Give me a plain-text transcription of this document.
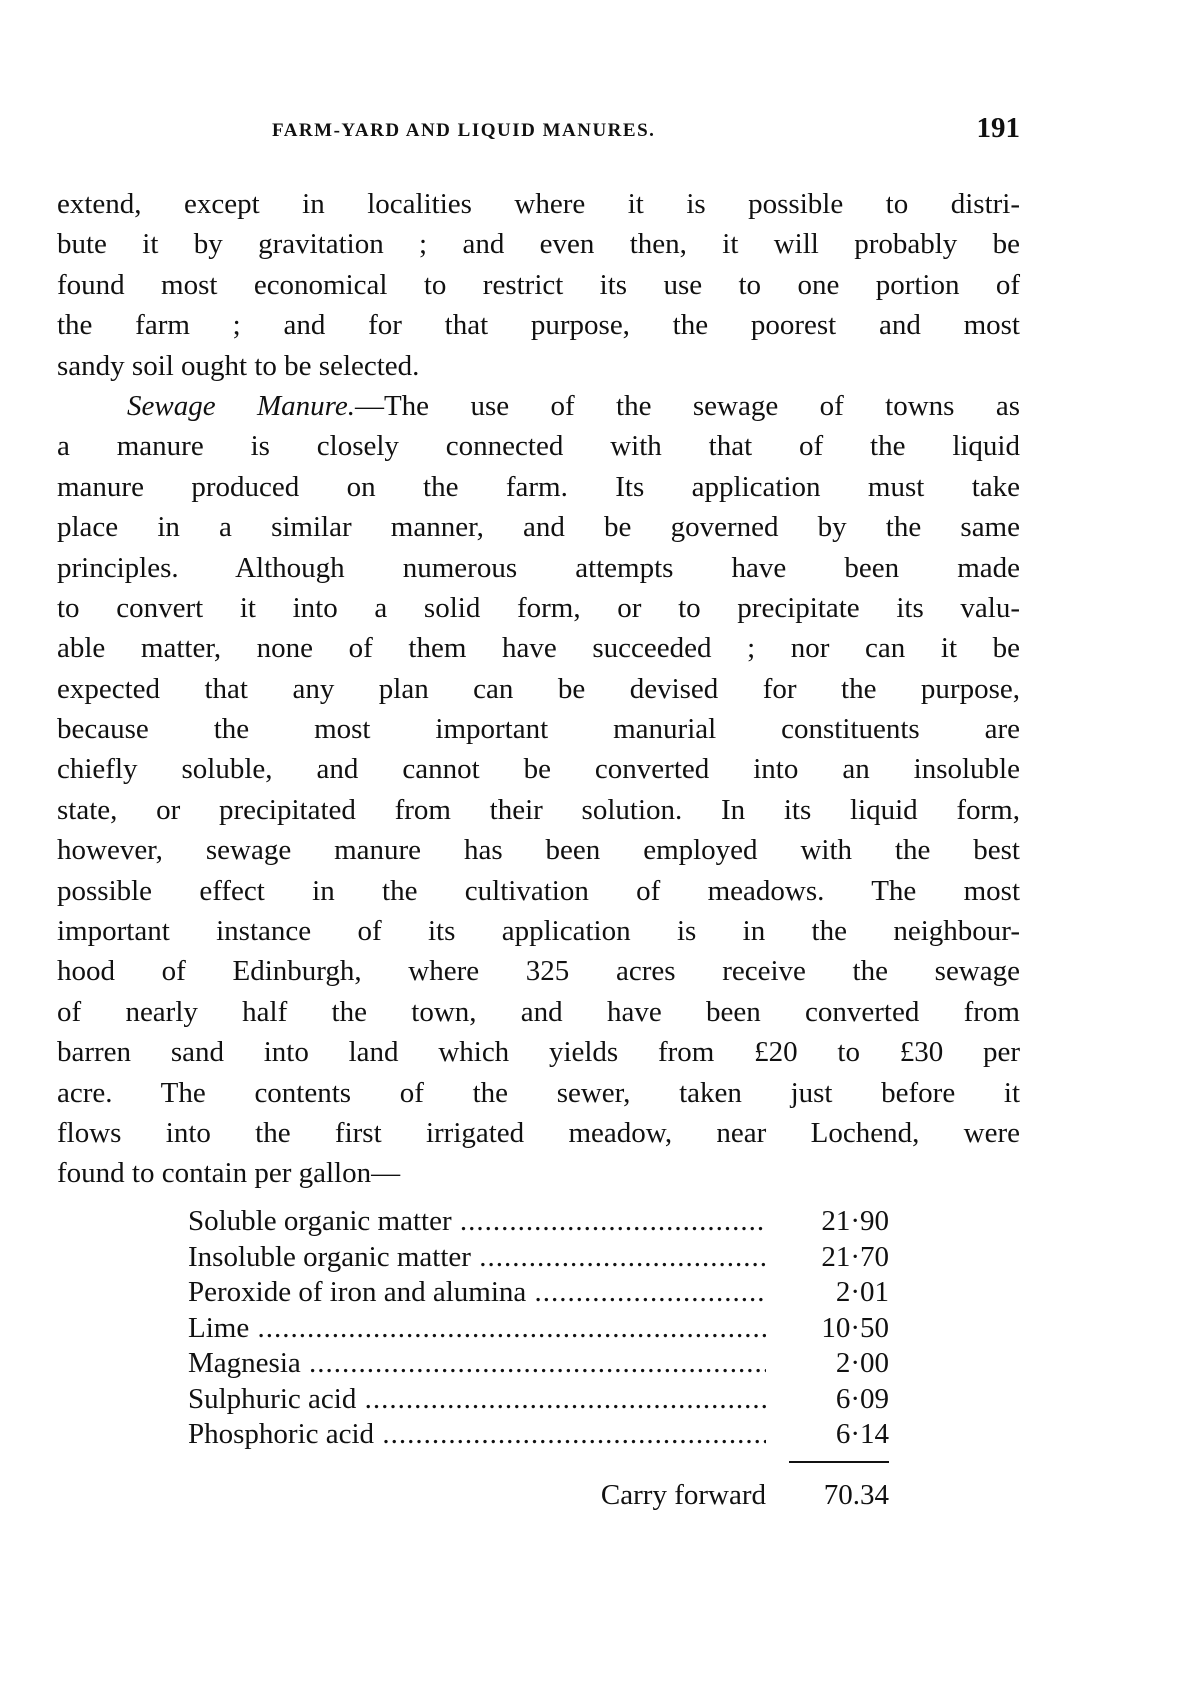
FARM-YARD AND LIQUID MANURES.	191
extend, except in localities where it is possible to distri-
bute it by gravitation ; and even then, it will probably be
found most economical to restrict its use to one portion of
the farm ; and for that purpose, the poorest and most
sandy soil ought to be selected.
Sewage Manure.—The use of the sewage of towns as
a manure is closely connected with that of the liquid
manure produced on the farm. Its application must take
place in a similar manner, and be governed by the same
principles. Although numerous attempts have been made
to convert it into a solid form, or to precipitate its valu-
able matter, none of them have succeeded ; nor can it be
expected that any plan can be devised for the purpose,
because the most important manurial constituents are
chiefly soluble, and cannot be converted into an insoluble
state, or precipitated from their solution. In its liquid form,
however, sewage manure has been employed with the best
possible effect in the cultivation of meadows. The most
important instance of its application is in the neighbour-
hood of Edinburgh, where 325 acres receive the sewage
of nearly half the town, and have been converted from
barren sand into land which yields from £20 to £30 per
acre. The contents of the sewer, taken just before it
flows into the first irrigated meadow, near Lochend, were
found to contain per gallon—
Soluble organic matter .....	21·90
Insoluble organic matter .....	21·70
Peroxide of iron and alumina .....	2·01
Lime .....	10·50
Magnesia .....	2·00
Sulphuric acid .....	6·09
Phosphoric acid .....	6·14
Carry forward	70.34
